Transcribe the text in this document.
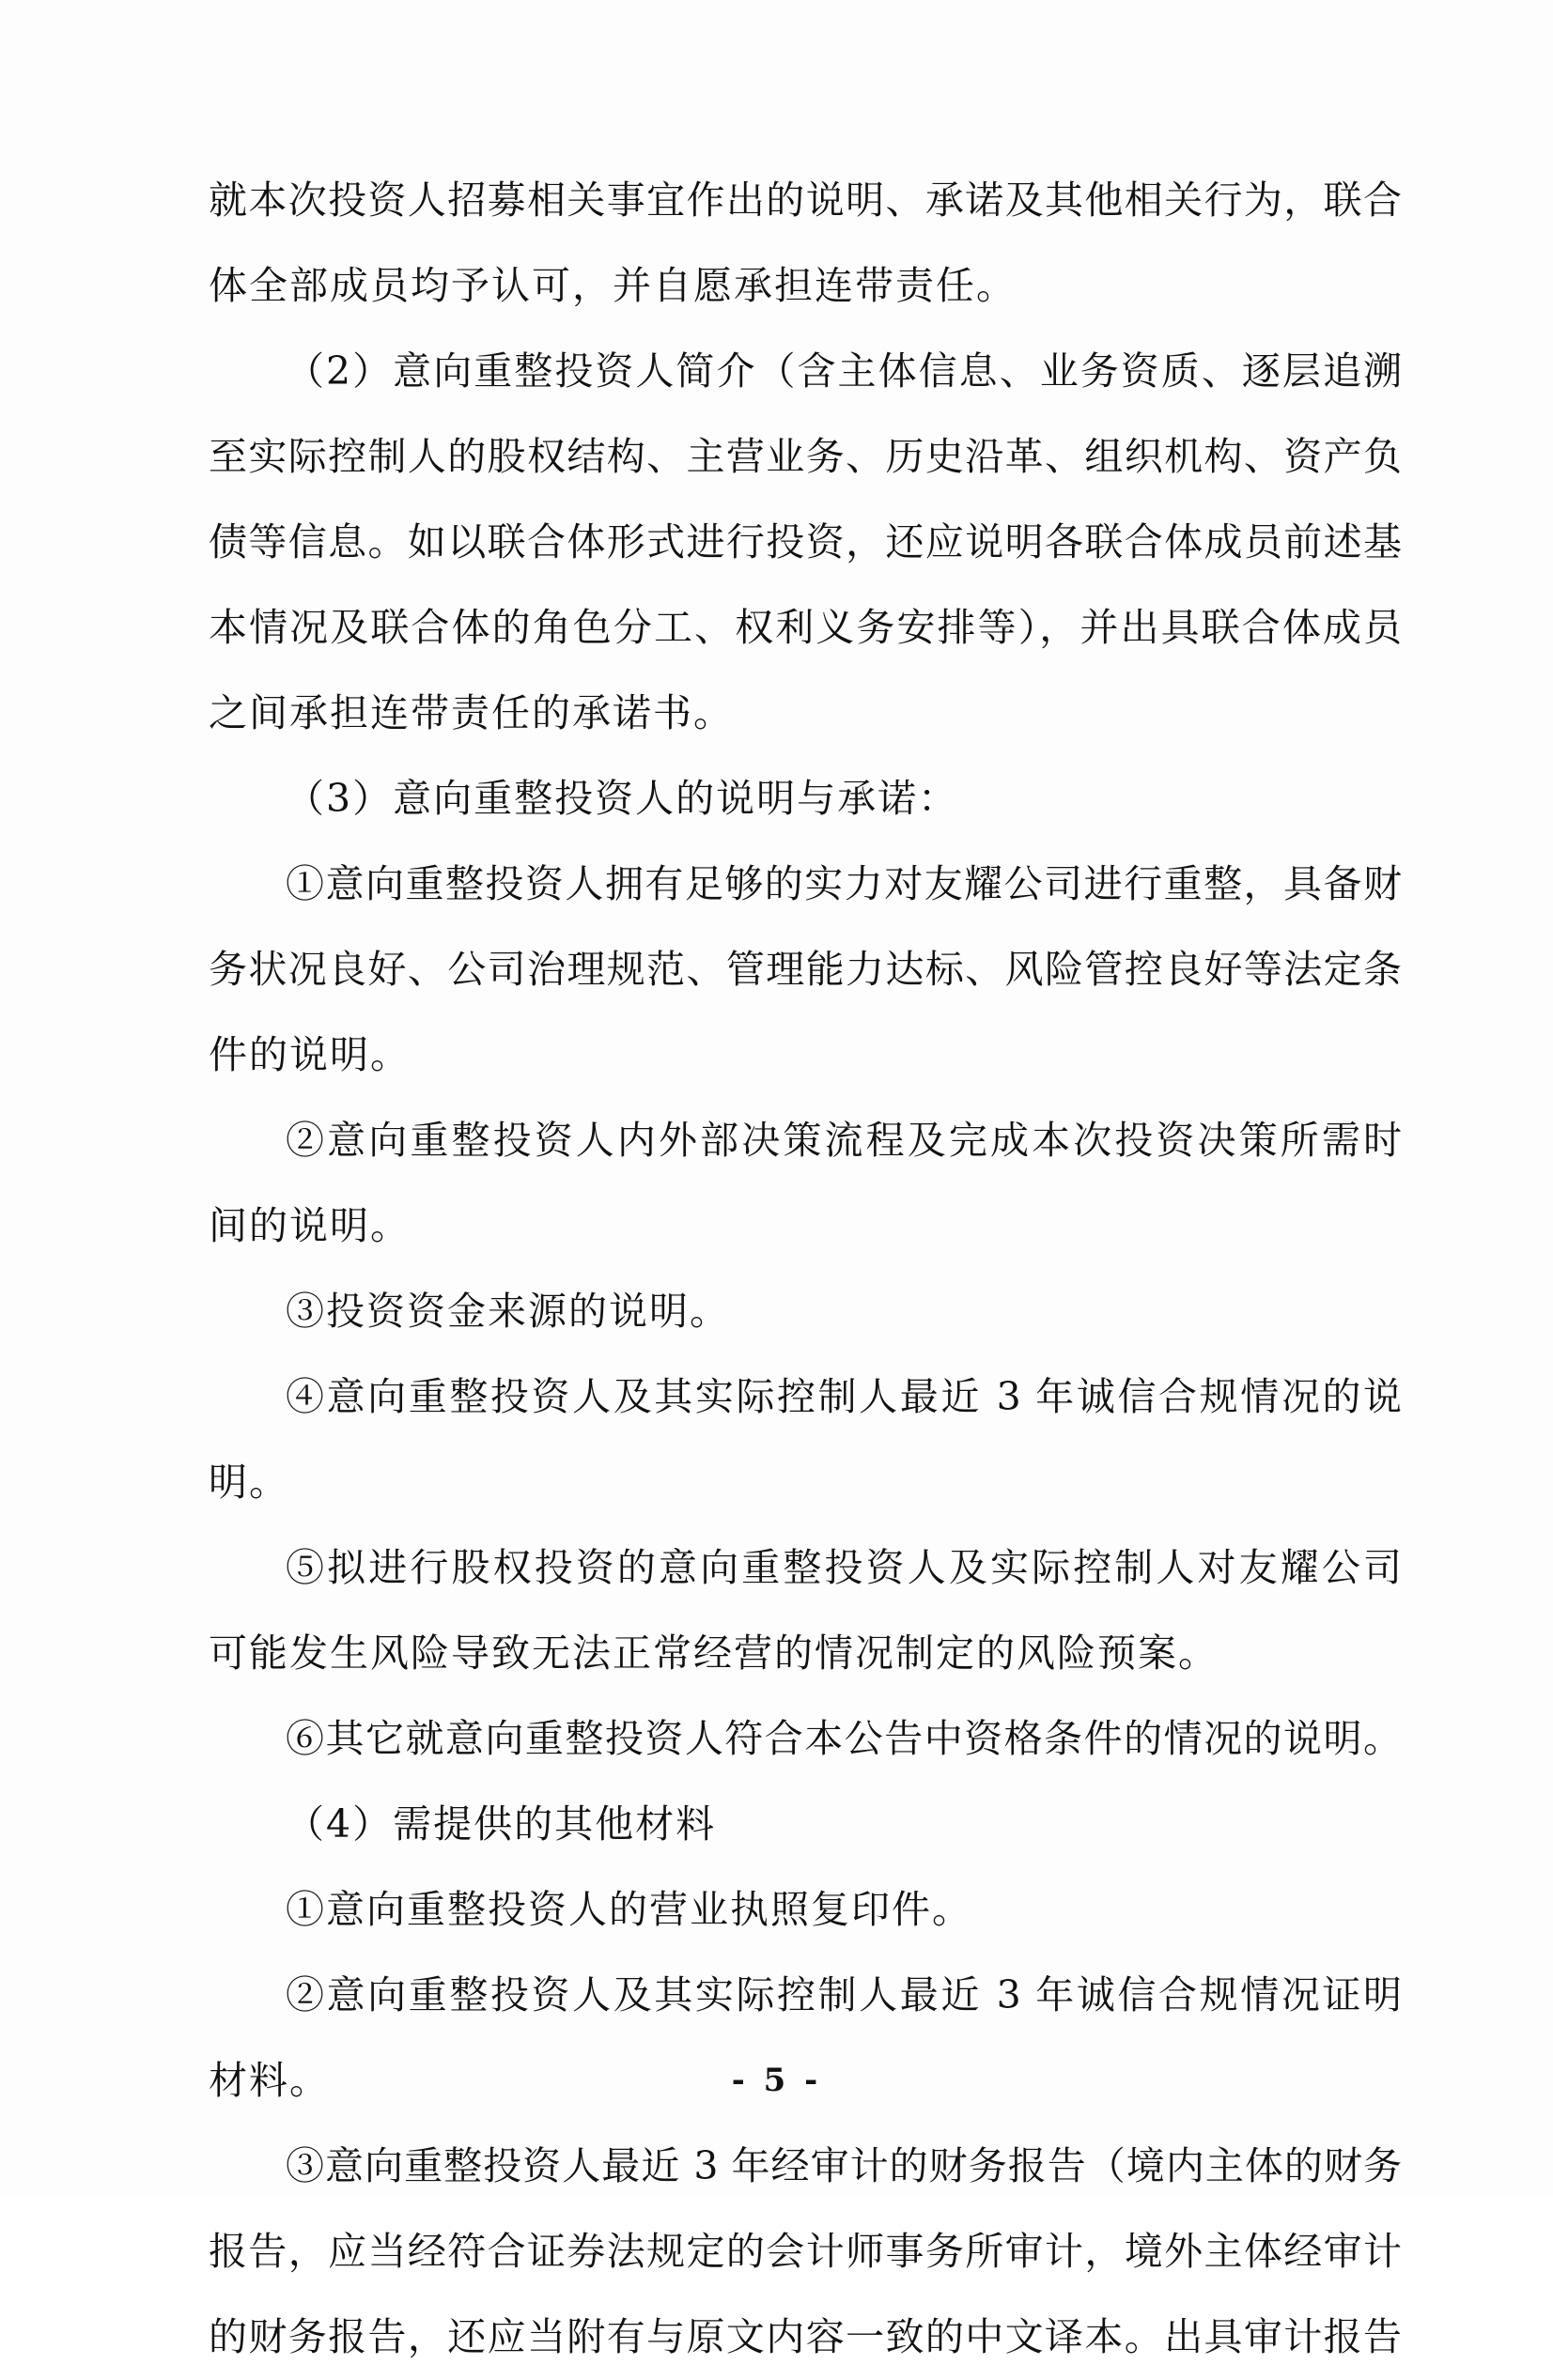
就本次投资人招募相关事宜作出的说明、承诺及其他相关行为，联合
体全部成员均予认可，并自愿承担连带责任。
（2）意向重整投资人简介（含主体信息、业务资质、逐层追溯
至实际控制人的股权结构、主营业务、历史沿革、组织机构、资产负
债等信息。如以联合体形式进行投资，还应说明各联合体成员前述基
本情况及联合体的角色分工、权利义务安排等），并出具联合体成员
之间承担连带责任的承诺书。
（3）意向重整投资人的说明与承诺：
①意向重整投资人拥有足够的实力对友耀公司进行重整，具备财
务状况良好、公司治理规范、管理能力达标、风险管控良好等法定条
件的说明。
②意向重整投资人内外部决策流程及完成本次投资决策所需时
间的说明。
③投资资金来源的说明。
④意向重整投资人及其实际控制人最近 3 年诚信合规情况的说
明。
⑤拟进行股权投资的意向重整投资人及实际控制人对友耀公司
可能发生风险导致无法正常经营的情况制定的风险预案。
⑥其它就意向重整投资人符合本公告中资格条件的情况的说明。
（4）需提供的其他材料
①意向重整投资人的营业执照复印件。
②意向重整投资人及其实际控制人最近 3 年诚信合规情况证明
材料。
③意向重整投资人最近 3 年经审计的财务报告（境内主体的财务
报告，应当经符合证券法规定的会计师事务所审计，境外主体经审计
的财务报告，还应当附有与原文内容一致的中文译本。出具审计报告
- 5 -
